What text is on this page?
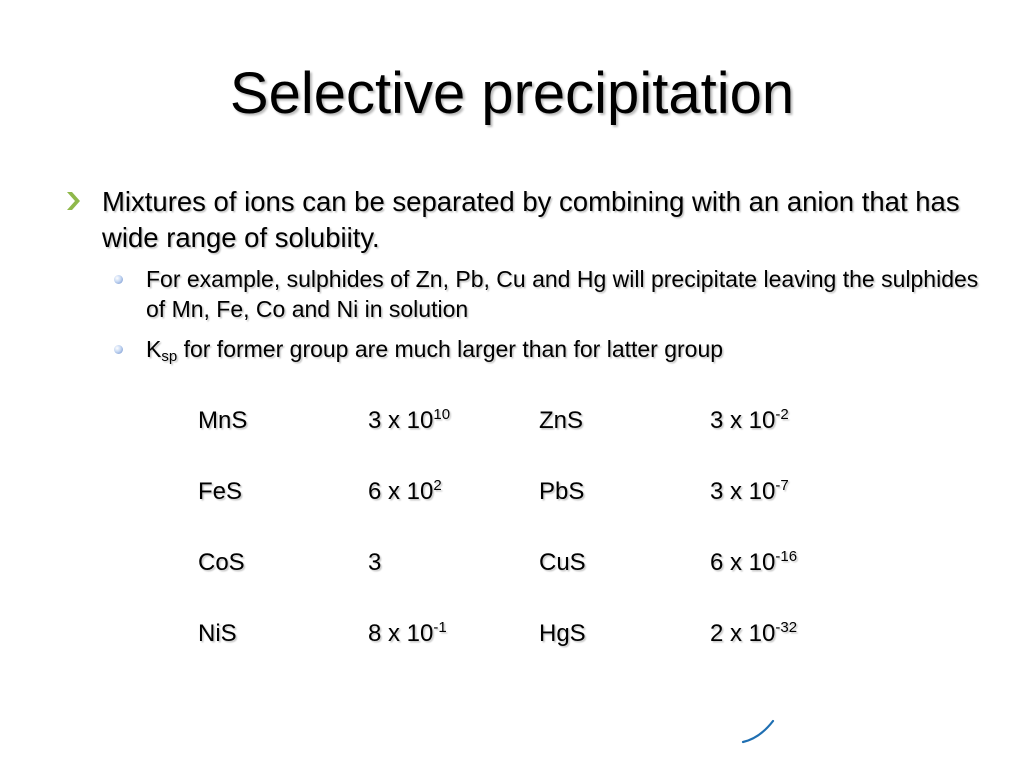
Selective precipitation
Mixtures of ions can be separated by combining with an anion that has wide range of solubiity.
For example, sulphides of Zn, Pb, Cu and Hg will precipitate leaving the sulphides of Mn, Fe, Co and Ni in solution
$K_{sp}$ for former group are much larger than for latter group
MnS	3 x $10^{10}$	ZnS	3 x $10^{-2}$
FeS	6 x $10^2$	PbS	3 x $10^{-7}$
CoS	3	CuS	6 x $10^{-16}$
NiS	8 x $10^{-1}$	HgS	2 x $10^{-32}$
